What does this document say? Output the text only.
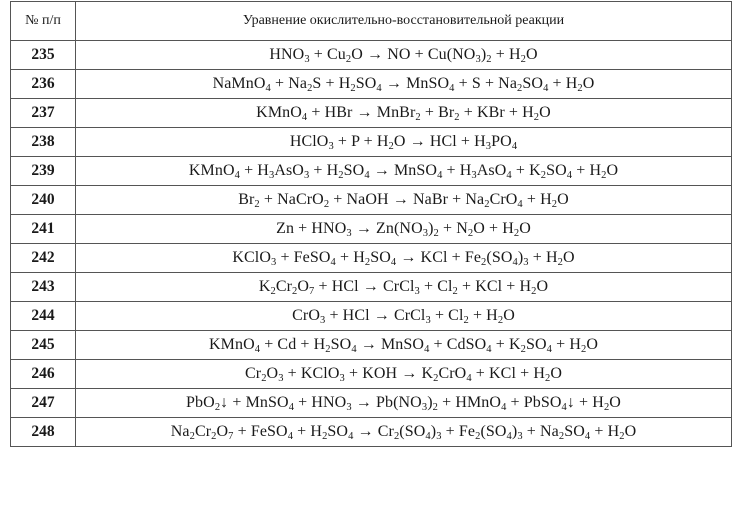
№ п/п	Уравнение окислительно-восстановительной реакции
235	$HNO_3 + Cu_2O$ → NO + $Cu(NO_3)_2 + H_2O$
236	NaMnO$_4$ + $Na_2S + H_2SO_4$ → MnSO$_4$ + $S + Na_2SO_4 + H_2O$
237	KMnO$_4$ + HBr → MnBr$_2$ + $Br_2$ + KBr + $H_2O$
238	HClO$_3$ + $P + H_2O$ → HCl + $H_3PO_4$
239	KMnO$_4$ + $H_3AsO_3 + H_2SO_4$ → MnSO$_4$ + $H_3AsO_4 + K_2SO_4 + H_2O$
240	$Br_2$ + NaCrO$_2$ + NaOH → NaBr + $Na_2CrO_4 + H_2O$
241	$Zn + HNO_3 \to Zn(NO_3)_2 + N_2O + H_2O$
242	KClO$_3$ + FeSO$_4$ + $H_2SO_4$ → KCl + $Fe_2(SO_4)_3 + H_2O$
243	$K_2Cr_2O_7$ + HCl → CrCl$_3$ + $Cl_2$ + KCl + $H_2O$
244	CrO$_3$ + HCl → CrCl$_3$ + $Cl_2 + H_2O$
245	KMnO$_4$ + $Cd + H_2SO_4$ → MnSO$_4$ + CdSO$_4$ + $K_2SO_4 + H_2O$
246	$Cr_2O_3$ + KClO$_3$ + KOH → $K_2CrO_4$ + KCl + $H_2O$
247	PbO$_2$↓ + MnSO$_4$ + $HNO_3 \to Pb(NO_3)_2$ + HMnO$_4$ + PbSO$_4$↓ + $H_2O$
248	$Na_2Cr_2O_7$ + FeSO$_4$ + $H_2SO_4 \to Cr_2(SO_4)_3 + Fe_2(SO_4)_3 + Na_2SO_4 + H_2O$
